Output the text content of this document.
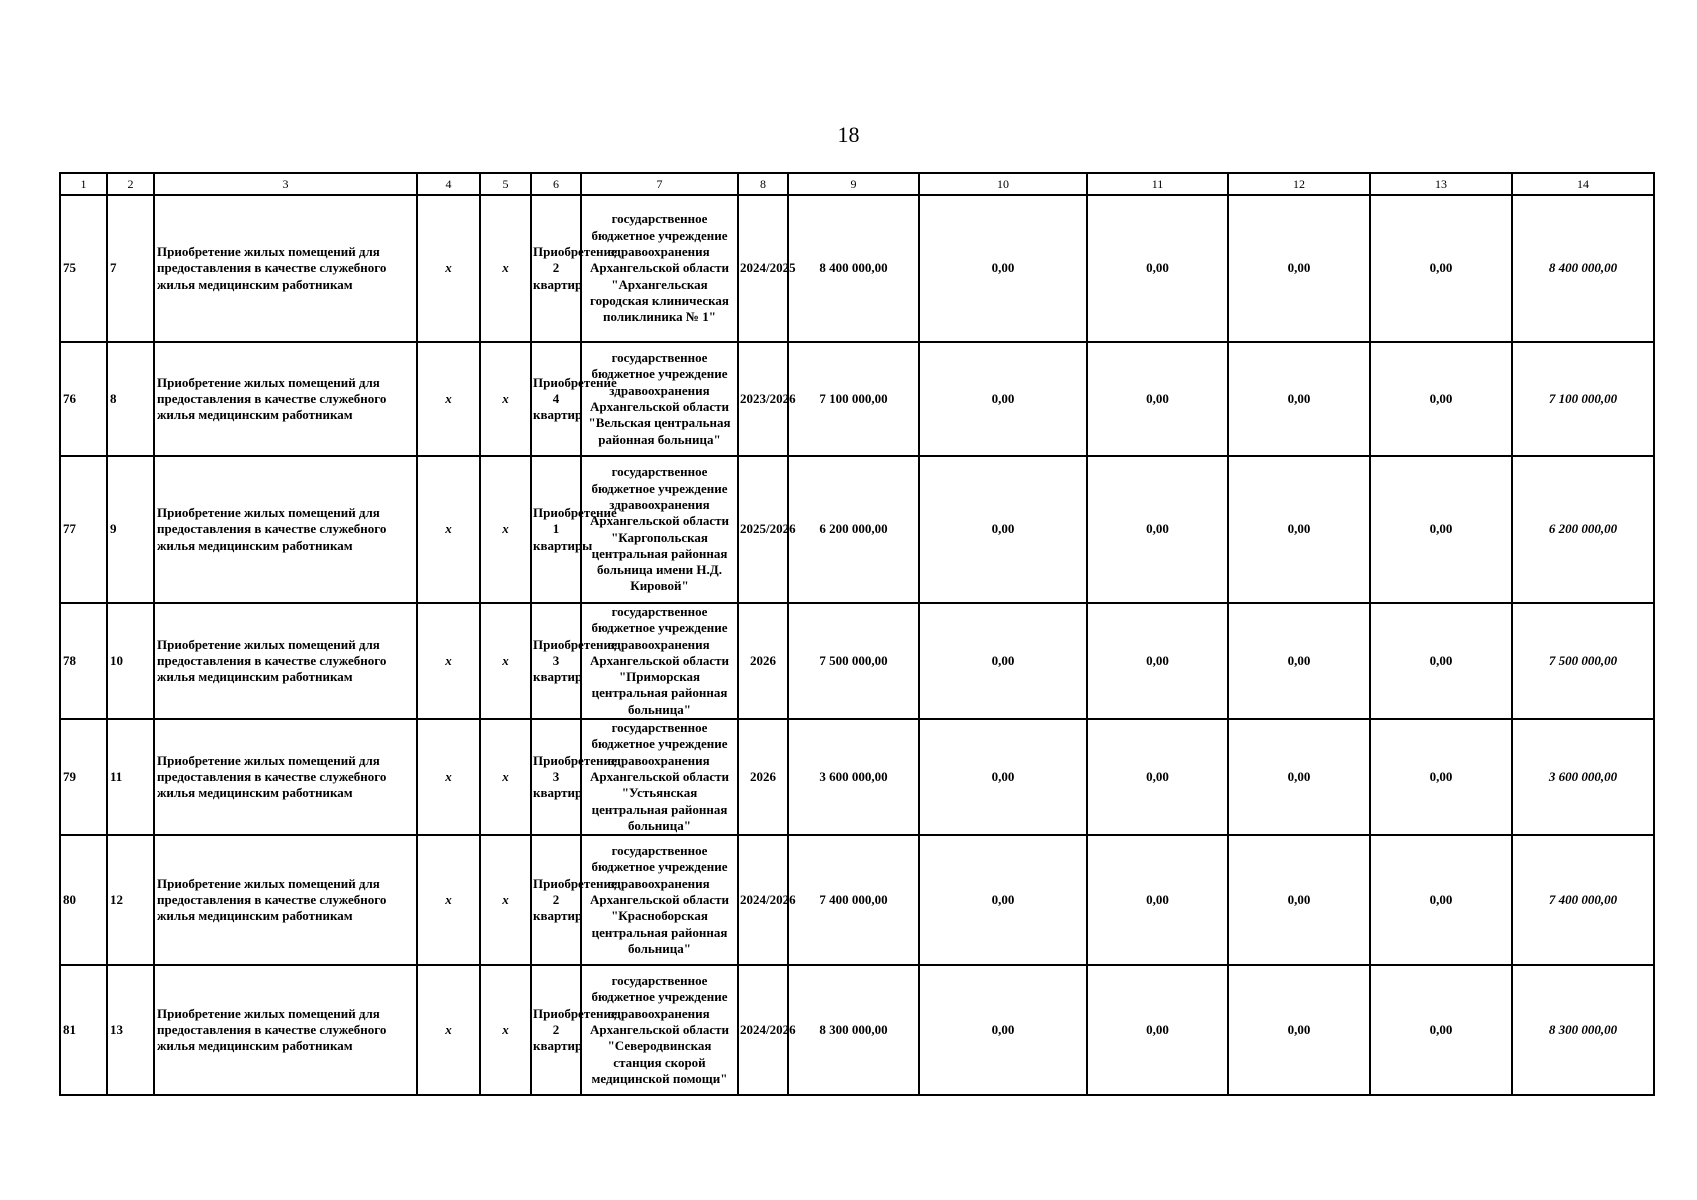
18
1	2	3	4	5	6	7	8	9	10	11	12	13	14
75	7	Приобретение жилых помещений для предоставления в качестве служебного жилья медицинским работникам	х	х	Приобретение 2 квартир	государственное бюджетное учреждение здравоохранения Архангельской области "Архангельская городская клиническая поликлиника № 1"	2024/2025	8 400 000,00	0,00	0,00	0,00	0,00	8 400 000,00
76	8	Приобретение жилых помещений для предоставления в качестве служебного жилья медицинским работникам	х	х	Приобретение 4 квартир	государственное бюджетное учреждение здравоохранения Архангельской области "Вельская центральная районная больница"	2023/2026	7 100 000,00	0,00	0,00	0,00	0,00	7 100 000,00
77	9	Приобретение жилых помещений для предоставления в качестве служебного жилья медицинским работникам	х	х	Приобретение 1 квартиры	государственное бюджетное учреждение здравоохранения Архангельской области "Каргопольская центральная районная больница имени Н.Д. Кировой"	2025/2026	6 200 000,00	0,00	0,00	0,00	0,00	6 200 000,00
78	10	Приобретение жилых помещений для предоставления в качестве служебного жилья медицинским работникам	х	х	Приобретение 3 квартир	государственное бюджетное учреждение здравоохранения Архангельской области "Приморская центральная районная больница"	2026	7 500 000,00	0,00	0,00	0,00	0,00	7 500 000,00
79	11	Приобретение жилых помещений для предоставления в качестве служебного жилья медицинским работникам	х	х	Приобретение 3 квартир	государственное бюджетное учреждение здравоохранения Архангельской области "Устьянская центральная районная больница"	2026	3 600 000,00	0,00	0,00	0,00	0,00	3 600 000,00
80	12	Приобретение жилых помещений для предоставления в качестве служебного жилья медицинским работникам	х	х	Приобретение 2 квартир	государственное бюджетное учреждение здравоохранения Архангельской области "Красноборская центральная районная больница"	2024/2026	7 400 000,00	0,00	0,00	0,00	0,00	7 400 000,00
81	13	Приобретение жилых помещений для предоставления в качестве служебного жилья медицинским работникам	х	х	Приобретение 2 квартир	государственное бюджетное учреждение здравоохранения Архангельской области "Северодвинская станция скорой медицинской помощи"	2024/2026	8 300 000,00	0,00	0,00	0,00	0,00	8 300 000,00
